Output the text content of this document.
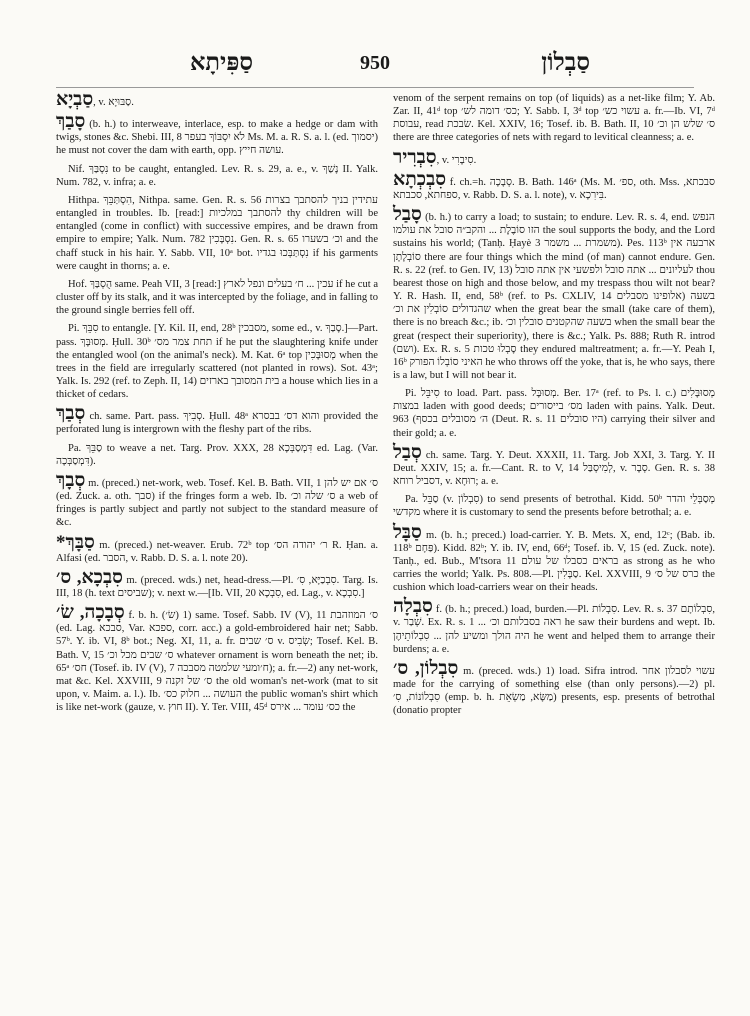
סַפִּיתָא	950	סַבְלוֹן

סַבְיָא, v. סַבּוּיָא.

סָבַךְ (b. h.) to interweave, interlace, esp. to make a hedge or dam with twigs, stones &c. Shebi. III, 8 לֹא יִסְבּוֹךְ בעפר Ms. M. a. R. S. a. l. (ed. יסמוך) he must not cover the dam with earth, opp. עושה חייץ.

Nif. נִסְבַּךְ to be caught, entangled. Lev. R. s. 29, a. e., v. נָשַׁךְ II. Yalk. Num. 782, v. infra; a. e.

Hithpa. הִסְתַּבֵּךְ, Nithpa. same. Gen. R. s. 56 עתידין בניך להסתבך בצרות entangled in troubles. Ib. [read:] להסתבך במלכיות thy children will be entangled (come in conflict) with successive empires, and be drawn from empire to empire; Yalk. Num. 782 נִסְבָּכִין. Gen. R. s. 65 וכ׳ בשערו and the chaff stuck in his hair. Y. Sabb. VII, 10ᵃ bot. נִסְתַּבְּכוּ בגדיו if his garments were caught in thorns; a. e.

Hof. הֻסְבַּךְ same. Peah VII, 3 [read:] עכין ... ח׳ בעלים ונפל לארץ if he cut a cluster off by its stalk, and it was intercepted by the foliage, and in falling to the ground single berries fell off.

Pi. סִבֵּךְ to entangle. [Y. Kil. II, end, 28ᵇ מסבכין, some ed., v. סָבַךְ.]—Part. pass. מְסוּבָּךְ. Ḥull. 30ᵇ תחת צמר מס׳ if he put the slaughtering knife under the entangled wool (on the animal's neck). M. Kat. 6ᵃ top מְסוּבָּכִין when the trees in the field are irregularly scattered (not planted in rows). Sot. 43ᵃ; Yalk. Is. 292 (ref. to Zeph. II, 14) בית המסובך בארזים a house which lies in a thicket of cedars.

סְבַךְ ch. same. Part. pass. סְבִיךְ. Ḥull. 48ᵃ והוא דס׳ בבסרא provided the perforated lung is intergrown with the fleshy part of the ribs.

Pa. סַבֵּךְ to weave a net. Targ. Prov. XXX, 28 דִּמְסַבְּכָא ed. Lag. (Var. דִּמְסַבְּכָה).

סְבָךְ m. (preced.) net-work, web. Tosef. Kel. B. Bath. VII, 1 ס׳ אם יש להן (ed. Zuck. a. oth. סבך) if the fringes form a web. Ib. ס׳ שלה וכ׳ a web of fringes is partly subject and partly not subject to the standard measure of &c.

סַבָּךְ* m. (preced.) net-weaver. Erub. 72ᵇ top ר׳ יהודה הס׳ R. Ḥan. a. Alfasi (ed. הסבר, v. Rabb. D. S. a. l. note 20).

סִבְכָא, ס׳ m. (preced. wds.) net, head-dress.—Pl. סִבְכַיָּא, סִ׳. Targ. Is. III, 18 (h. text שביסים); v. next w.—[Ib. VII, 20 סִבְכָא, ed. Lag., v. סִבְכָא.]

סְבָכָה, שׂ׳ f. b. h. (שׂ׳) 1) same. Tosef. Sabb. IV (V), 11 ס׳ המוזהבת (ed. Lag. סבכא, Var. ספכא, corr. acc.) a gold-embroidered hair net; Sabb. 57ᵇ. Y. ib. VI, 8ᵇ bot.; Neg. XI, 11, a. fr. ס׳ שבים v. שְׂבִיס; Tosef. Kel. B. Bath. V, 15 ס׳ שבים מכל וכ׳ whatever ornament is worn beneath the net; ib. 65ᵃ חס׳ (Tosef. ib. IV (V), 7 ח׳ומעי שלמטה מסבכה); a. fr.—2) any net-work, mat &c. Kel. XXVIII, 9 ס׳ של זקנה the old woman's net-work (mat to sit upon, v. Maim. a. l.). Ib. העושה ... חלוק כס׳ the public woman's shirt which is like net-work (gauze, v. חוץ II). Y. Ter. VIII, 45ᵈ כס׳ עומד ... אירס the

venom of the serpent remains on top (of liquids) as a net-like film; Y. Ab. Zar. II, 41ᵈ top כס׳ דומה לש׳; Y. Sabb. I, 3ᵈ top עשוי כש׳ a. fr.—Ib. VI, 7ᵈ עבוסת, read שׂבכת. Kel. XXIV, 16; Tosef. ib. B. Bath. II, 10 ס׳ שלש הן וכ׳ there are three categories of nets with regard to levitical cleanness; a. e.

סִבְרִיר, v. סִיבָרִי.

סִבְכְתָא f. ch.=h. סְבָכָה. B. Bath. 146ᵃ (Ms. M. ספ׳, oth. Mss. סבכתא, ספחתא, סכבתא, v. Rabb. D. S. a. l. note), v. בִּירִכָא.

סָבַל (b. h.) to carry a load; to sustain; to endure. Lev. R. s. 4, end. הנפש הזו סוֹבֶלֶת ... והקב״ה סובל את עולמו the soul supports the body, and the Lord sustains his world; (Tanḥ. Ḥayè 3 משמרת ... משמר). Pes. 113ᵇ ארבעה אין סוֹבְלָתָן there are four things which the mind (of man) cannot endure. Gen. R. s. 22 (ref. to Gen. IV, 13) לעליונים ... אתה סובל ולפשעי אין אתה סובל thou bearest those on high and those below, and my trespass thou wilt not bear? Y. R. Hash. II, end, 58ᵇ (ref. to Ps. CXLIV, 14 אלופינו מסבלים) בשעה שהגדולים סוֹבְלִין את וכ׳ when the great bear the small (take care of them), there is no breach &c.; ib. בשעה שהקטנים סובלין וכ׳ when the small bear the great (respect their superiority), there is &c.; Yalk. Ps. 888; Ruth R. introd (ושם). Ex. R. s. 5 סָבְלוּ טכות they endured maltreatment; a. fr.—Y. Peah I, 16ᵇ האיני סוֹבְלוֹ הפורק he who throws off the yoke, that is, he who says, there is a law, but I will not bear it.

Pi. סִיבֵּל to load. Part. pass. מְסוּבָּל. Ber. 17ᵃ (ref. to Ps. l. c.) מְסוּבָּלִים במצות laden with good deeds; מס׳ בייסורים laden with pains. Yalk. Deut. 963 (ה׳ מסובלים בכסף (Deut. R. s. 11 היו סובלים) carrying their silver and their gold; a. e.

סְבַל ch. same. Targ. Y. Deut. XXXII, 11. Targ. Job XXI, 3. Targ. Y. II Deut. XXIV, 15; a. fr.—Cant. R. to V, 14 לְמִיסְבַּל, v. סְבָר. Gen. R. s. 38 דסביל רוחא, v. רוּחָא; a. e.

Pa. סַבֵּל (v. סִבְלוֹן) to send presents of betrothal. Kidd. 50ᵇ מְסַבְּלֵי והדר מקדשי where it is customary to send the presents before betrothal; a. e.

סַבָּל m. (b. h.; preced.) load-carrier. Y. B. Mets. X, end, 12ᶜ; (Bab. ib. 118ᵇ פַּחָם). Kidd. 82ᵇ; Y. ib. IV, end, 66ᵈ; Tosef. ib. V, 15 (ed. Zuck. note). Tanḥ., ed. Bub., M'tsora 11 בראים כסבלו של עולם as strong as he who carries the world; Yalk. Ps. 808.—Pl. סַבָּלִין. Kel. XXVIII, 9 כרס של ס׳ the cushion which load-carriers wear on their heads.

סִבְלָה f. (b. h.; preced.) load, burden.—Pl. סִבְלוֹת. Lev. R. s. 37 סִבְלוֹתָם, v. שְׁבַר. Ex. R. s. 1 ... ראה בסבלותם וכ׳ he saw their burdens and wept. Ib. היה הולך ומשיע להן ... סִבְלוֹתֵיהֶן he went and helped them to arrange their burdens; a. e.

סִבְלוֹן, ס׳ m. (preced. wds.) 1) load. Sifra introd. עשוי לסבלון אחר made for the carrying of something else (than only persons).—2) pl. סִבְלוֹנוֹת, סִ׳ (emp. b. h. מַשָּׂא, מַשְׂאֵת) presents, esp. presents of betrothal (donatio propter
